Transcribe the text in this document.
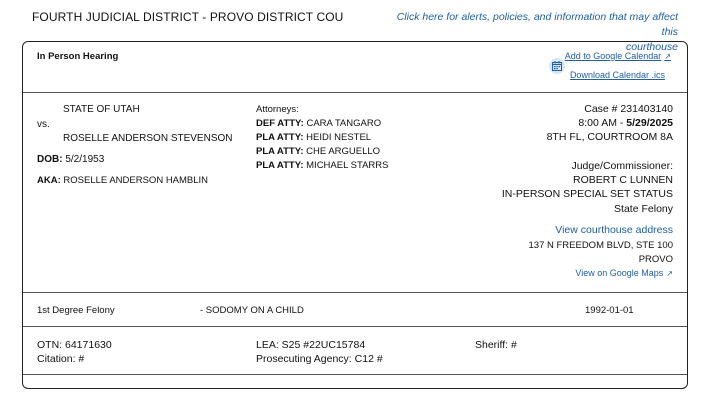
FOURTH JUDICIAL DISTRICT - PROVO DISTRICT COU	Click here for alerts, policies, and information that may affect this
courthouse
In Person Hearing	Add to Google Calendar ↗
Download Calendar .ics
STATE OF UTAH
vs.
ROSELLE ANDERSON STEVENSON
DOB: 5/2/1953
AKA: ROSELLE ANDERSON HAMBLIN
Attorneys:
DEF ATTY: CARA TANGARO
PLA ATTY: HEIDI NESTEL
PLA ATTY: CHE ARGUELLO
PLA ATTY: MICHAEL STARRS
Case # 231403140
8:00 AM - 5/29/2025
8TH FL, COURTROOM 8A
Judge/Commissioner:
ROBERT C LUNNEN
IN-PERSON SPECIAL SET STATUS
State Felony
View courthouse address
137 N FREEDOM BLVD, STE 100
PROVO
View on Google Maps ↗
1st Degree Felony	- SODOMY ON A CHILD	1992-01-01
OTN: 64171630
Citation: #
LEA: S25 #22UC15784
Prosecuting Agency: C12 #
Sheriff: #
